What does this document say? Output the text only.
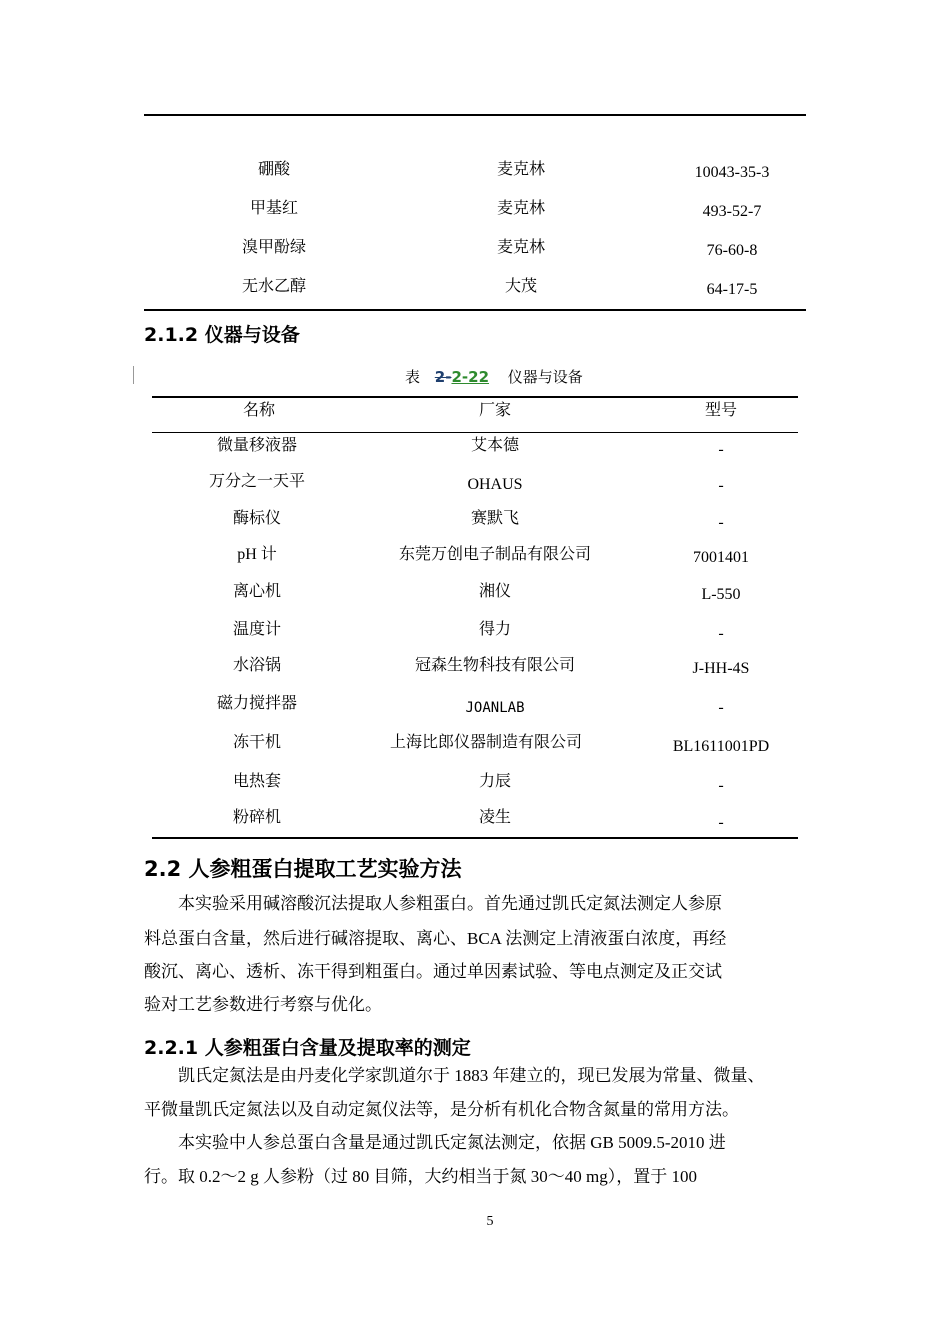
硼酸	麦克林	10043-35-3
甲基红	麦克林	493-52-7
溴甲酚绿	麦克林	76-60-8
无水乙醇	大茂	64-17-5
2.1.2 仪器与设备
表 2-2-22 仪器与设备
名称	厂家	型号
微量移液器	艾本德	-
万分之一天平	OHAUS	-
酶标仪	赛默飞	-
pH 计	东莞万创电子制品有限公司	7001401
离心机	湘仪	L-550
温度计	得力	-
水浴锅	冠森生物科技有限公司	J-HH-4S
磁力搅拌器	JOANLAB	-
冻干机	上海比郎仪器制造有限公司	BL1611001PD
电热套	力辰	-
粉碎机	凌生	-
2.2 人参粗蛋白提取工艺实验方法
　　本实验采用碱溶酸沉法提取人参粗蛋白。首先通过凯氏定氮法测定人参原
料总蛋白含量，然后进行碱溶提取、离心、BCA 法测定上清液蛋白浓度，再经
酸沉、离心、透析、冻干得到粗蛋白。通过单因素试验、等电点测定及正交试
验对工艺参数进行考察与优化。
2.2.1 人参粗蛋白含量及提取率的测定
　　凯氏定氮法是由丹麦化学家凯道尔于 1883 年建立的，现已发展为常量、微量、
平微量凯氏定氮法以及自动定氮仪法等，是分析有机化合物含氮量的常用方法。
　　本实验中人参总蛋白含量是通过凯氏定氮法测定，依据 GB 5009.5-2010 进
行。取 0.2～2 g 人参粉（过 80 目筛，大约相当于氮 30～40 mg），置于 100
5
